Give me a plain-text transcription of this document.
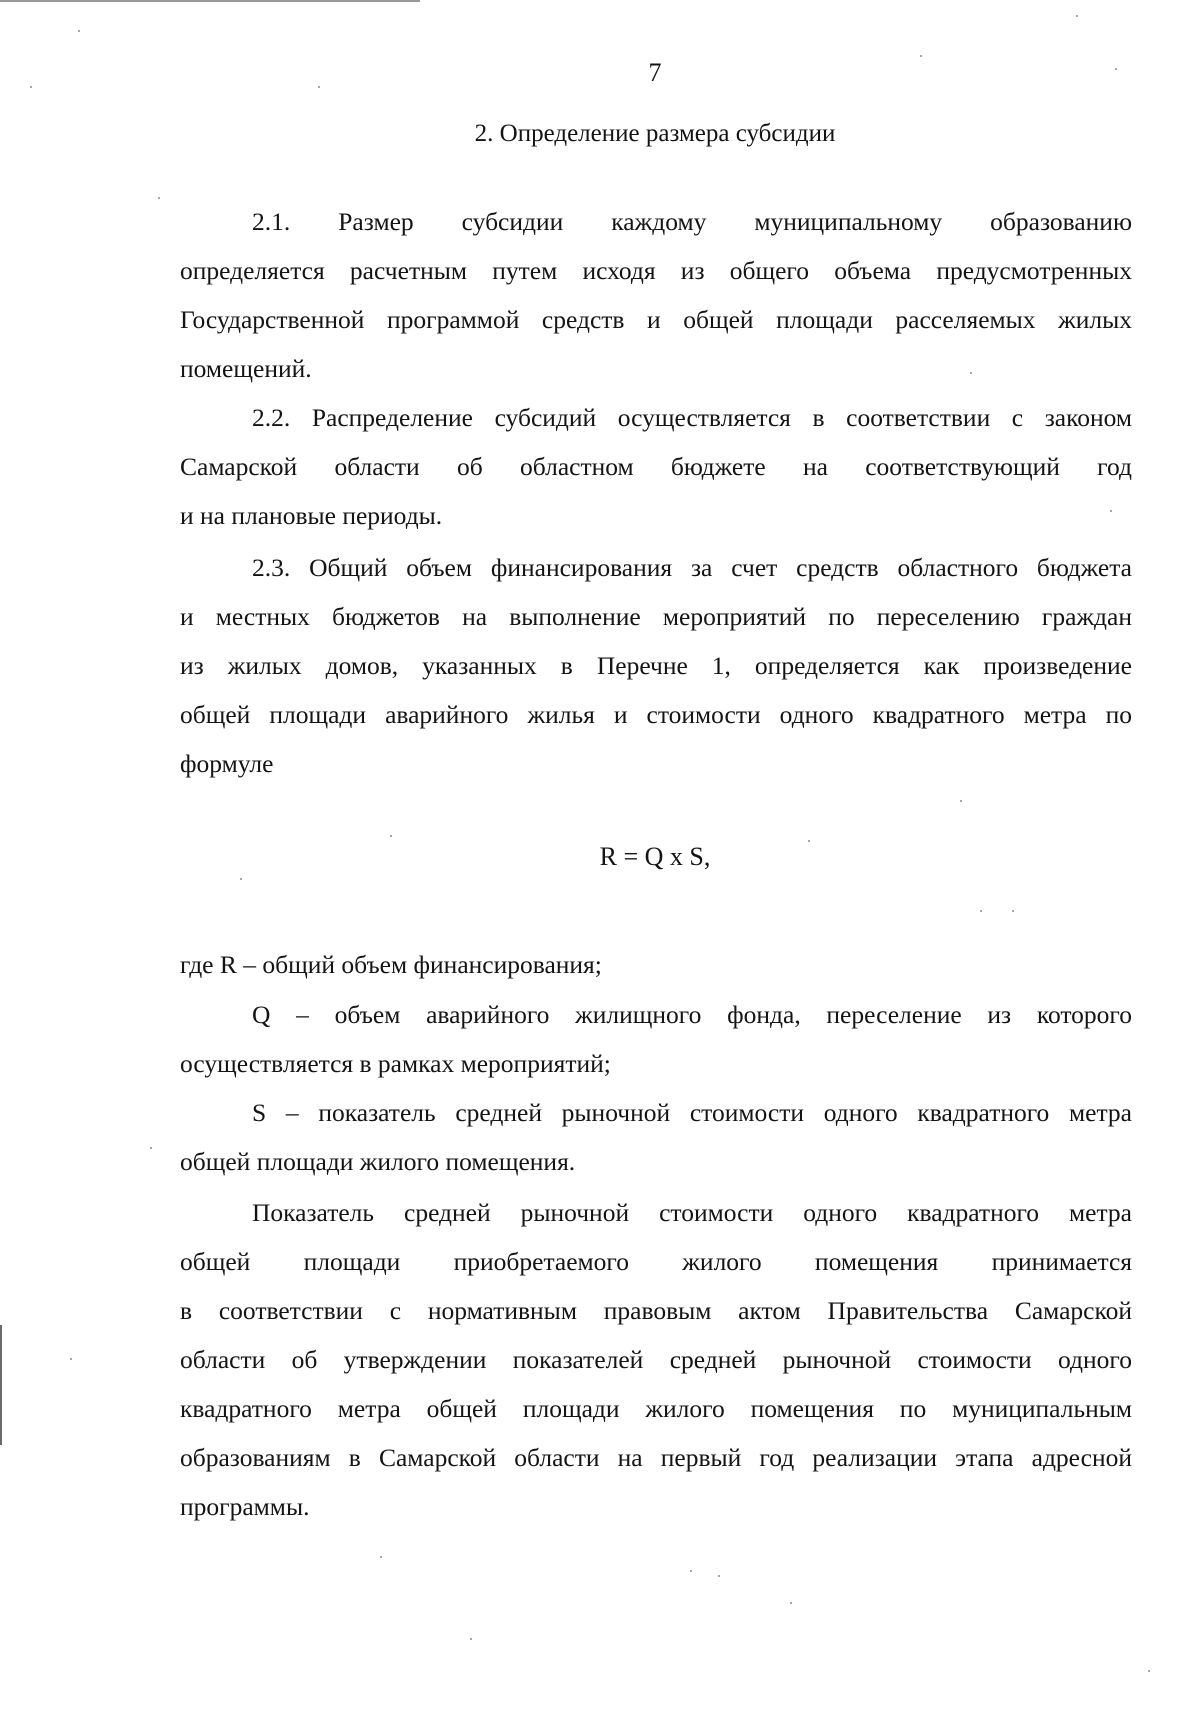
7
2. Определение размера субсидии

2.1. Размер субсидии каждому муниципальному образованию
определяется расчетным путем исходя из общего объема предусмотренных
Государственной программой средств и общей площади расселяемых жилых
помещений.

2.2. Распределение субсидий осуществляется в соответствии с законом
Самарской области об областном бюджете на соответствующий год
и на плановые периоды.

2.3. Общий объем финансирования за счет средств областного бюджета
и местных бюджетов на выполнение мероприятий по переселению граждан
из жилых домов, указанных в Перечне 1, определяется как произведение
общей площади аварийного жилья и стоимости одного квадратного метра по
формуле

R = Q x S,

где R – общий объем финансирования;

Q – объем аварийного жилищного фонда, переселение из которого
осуществляется в рамках мероприятий;

S – показатель средней рыночной стоимости одного квадратного метра
общей площади жилого помещения.

Показатель средней рыночной стоимости одного квадратного метра
общей площади приобретаемого жилого помещения принимается
в соответствии с нормативным правовым актом Правительства Самарской
области об утверждении показателей средней рыночной стоимости одного
квадратного метра общей площади жилого помещения по муниципальным
образованиям в Самарской области на первый год реализации этапа адресной
программы.
